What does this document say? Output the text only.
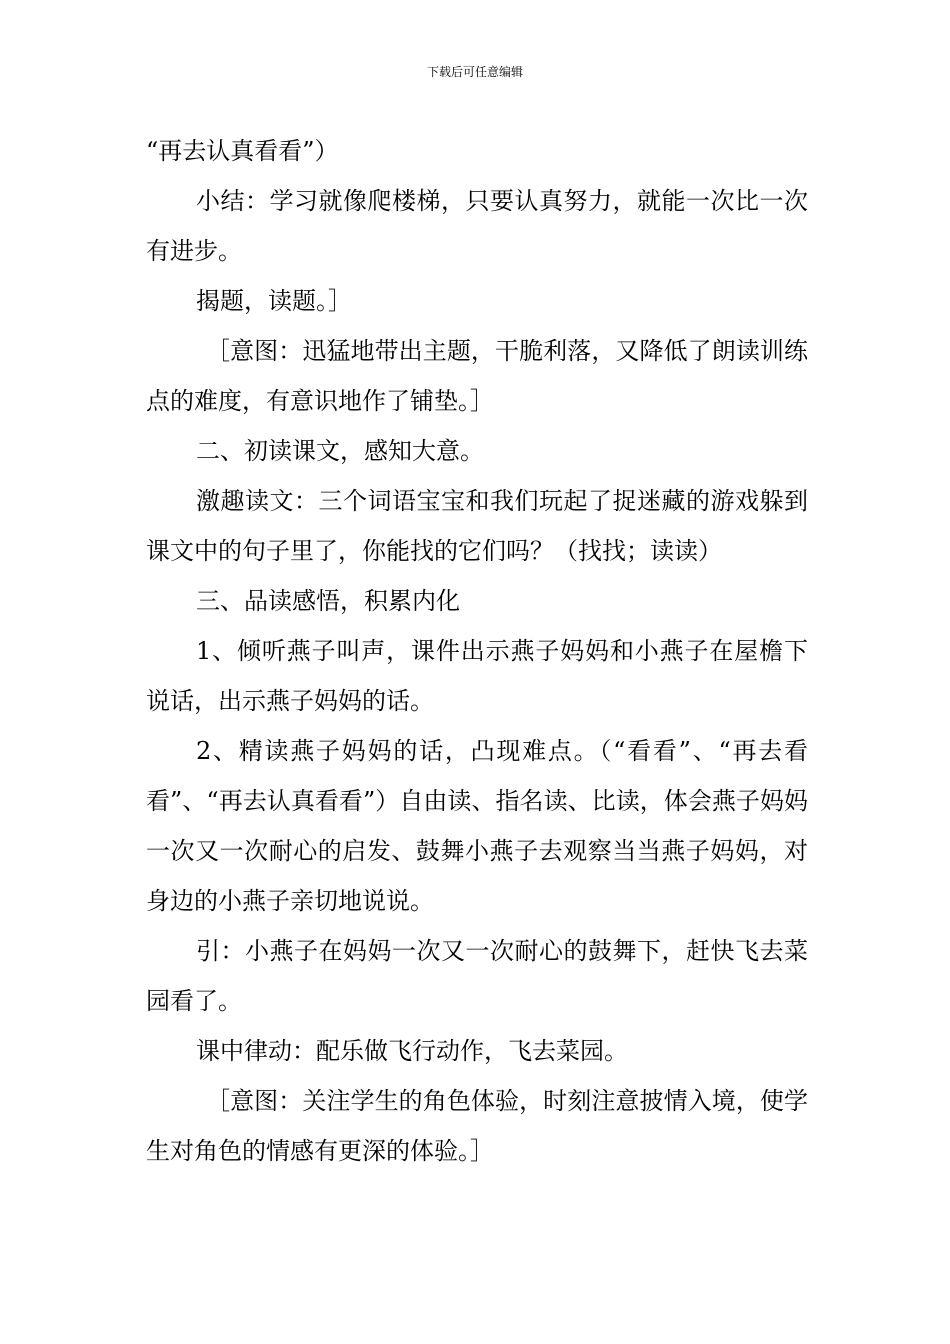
下载后可任意编辑

“再去认真看看”）

小结：学习就像爬楼梯，只要认真努力，就能一次比一次有进步。

揭题，读题。］

［意图：迅猛地带出主题，干脆利落，又降低了朗读训练点的难度，有意识地作了铺垫。］

二、初读课文，感知大意。

激趣读文：三个词语宝宝和我们玩起了捉迷藏的游戏躲到课文中的句子里了，你能找的它们吗？（找找；读读）

三、品读感悟，积累内化

1、倾听燕子叫声，课件出示燕子妈妈和小燕子在屋檐下说话，出示燕子妈妈的话。

2、精读燕子妈妈的话，凸现难点。（“看看”、“再去看看”、“再去认真看看”）自由读、指名读、比读，体会燕子妈妈一次又一次耐心的启发、鼓舞小燕子去观察当当燕子妈妈，对身边的小燕子亲切地说说。

引：小燕子在妈妈一次又一次耐心的鼓舞下，赶快飞去菜园看了。

课中律动：配乐做飞行动作，飞去菜园。

［意图：关注学生的角色体验，时刻注意披情入境，使学生对角色的情感有更深的体验。］
